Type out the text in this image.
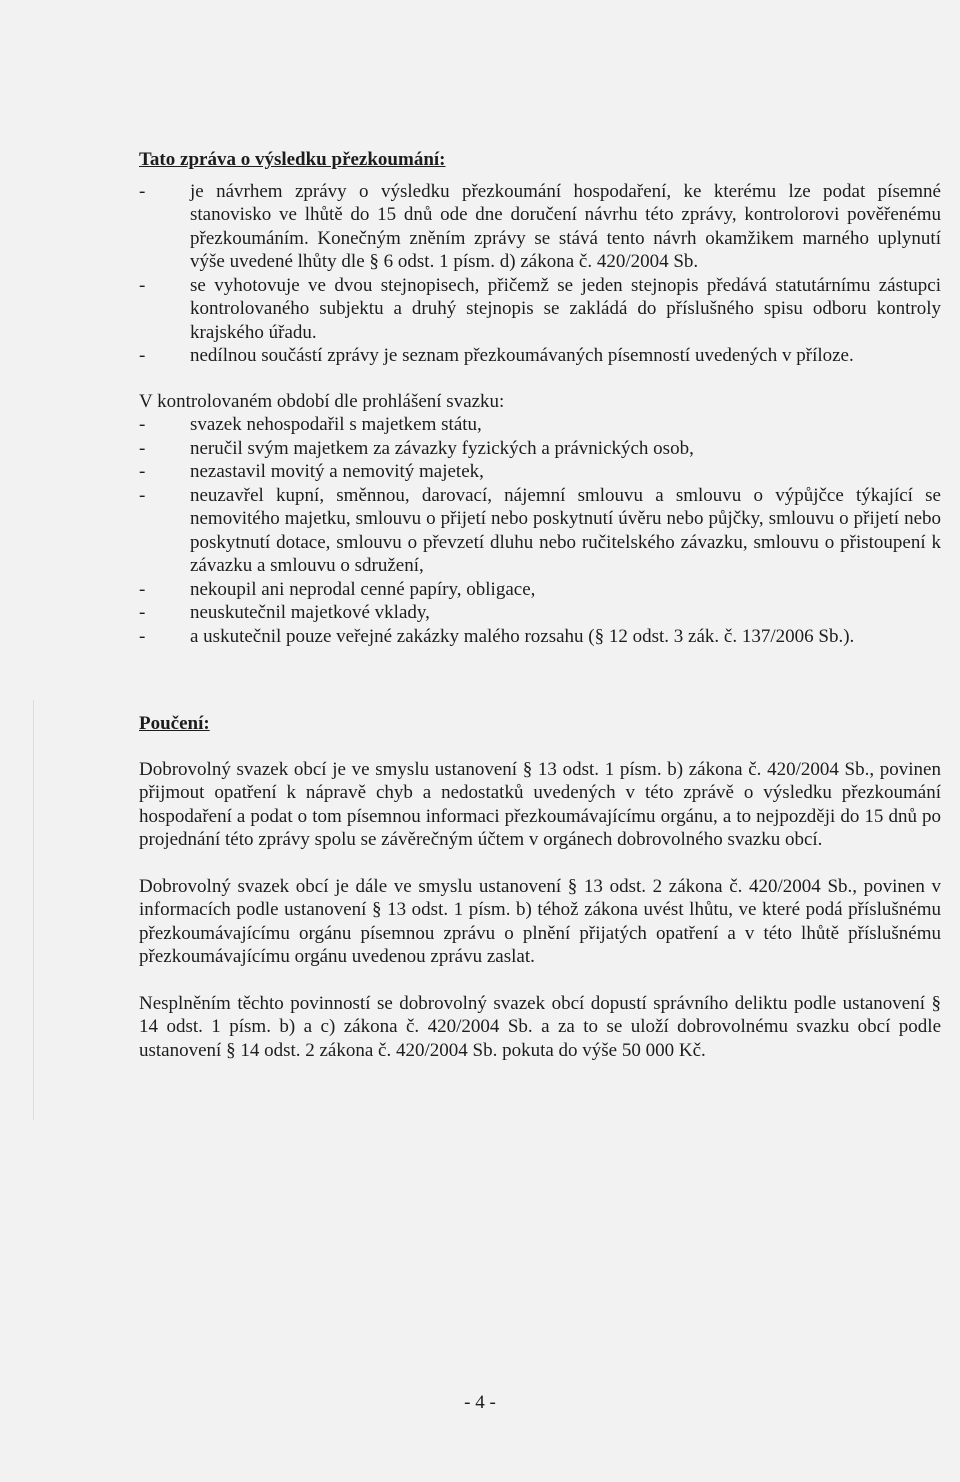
Tato zpráva o výsledku přezkoumání:

- je návrhem zprávy o výsledku přezkoumání hospodaření, ke kterému lze podat písemné stanovisko ve lhůtě do 15 dnů ode dne doručení návrhu této zprávy, kontrolorovi pověřenému přezkoumáním. Konečným zněním zprávy se stává tento návrh okamžikem marného uplynutí výše uvedené lhůty dle § 6 odst. 1 písm. d) zákona č. 420/2004 Sb.
- se vyhotovuje ve dvou stejnopisech, přičemž se jeden stejnopis předává statutárnímu zástupci kontrolovaného subjektu a druhý stejnopis se zakládá do příslušného spisu odboru kontroly krajského úřadu.
- nedílnou součástí zprávy je seznam přezkoumávaných písemností uvedených v příloze.

V kontrolovaném období dle prohlášení svazku:

- svazek nehospodařil s majetkem státu,
- neručil svým majetkem za závazky fyzických a právnických osob,
- nezastavil movitý a nemovitý majetek,
- neuzavřel kupní, směnnou, darovací, nájemní smlouvu a smlouvu o výpůjčce týkající se nemovitého majetku, smlouvu o přijetí nebo poskytnutí úvěru nebo půjčky, smlouvu o přijetí nebo poskytnutí dotace, smlouvu o převzetí dluhu nebo ručitelského závazku, smlouvu o přistoupení k závazku a smlouvu o sdružení,
- nekoupil ani neprodal cenné papíry, obligace,
- neuskutečnil majetkové vklady,
- a uskutečnil pouze veřejné zakázky malého rozsahu (§ 12 odst. 3 zák. č. 137/2006 Sb.).

Poučení:

Dobrovolný svazek obcí je ve smyslu ustanovení § 13 odst. 1 písm. b) zákona č. 420/2004 Sb., povinen přijmout opatření k nápravě chyb a nedostatků uvedených v této zprávě o výsledku přezkoumání hospodaření a podat o tom písemnou informaci přezkoumávajícímu orgánu, a to nejpozději do 15 dnů po projednání této zprávy spolu se závěrečným účtem v orgánech dobrovolného svazku obcí.

Dobrovolný svazek obcí je dále ve smyslu ustanovení § 13 odst. 2 zákona č. 420/2004 Sb., povinen v informacích podle ustanovení § 13 odst. 1 písm. b) téhož zákona uvést lhůtu, ve které podá příslušnému přezkoumávajícímu orgánu písemnou zprávu o plnění přijatých opatření a v této lhůtě příslušnému přezkoumávajícímu orgánu uvedenou zprávu zaslat.

Nesplněním těchto povinností se dobrovolný svazek obcí dopustí správního deliktu podle ustanovení § 14 odst. 1 písm. b) a c) zákona č. 420/2004 Sb. a za to se uloží dobrovolnému svazku obcí podle ustanovení § 14 odst. 2 zákona č. 420/2004 Sb. pokuta do výše 50 000 Kč.

- 4 -
